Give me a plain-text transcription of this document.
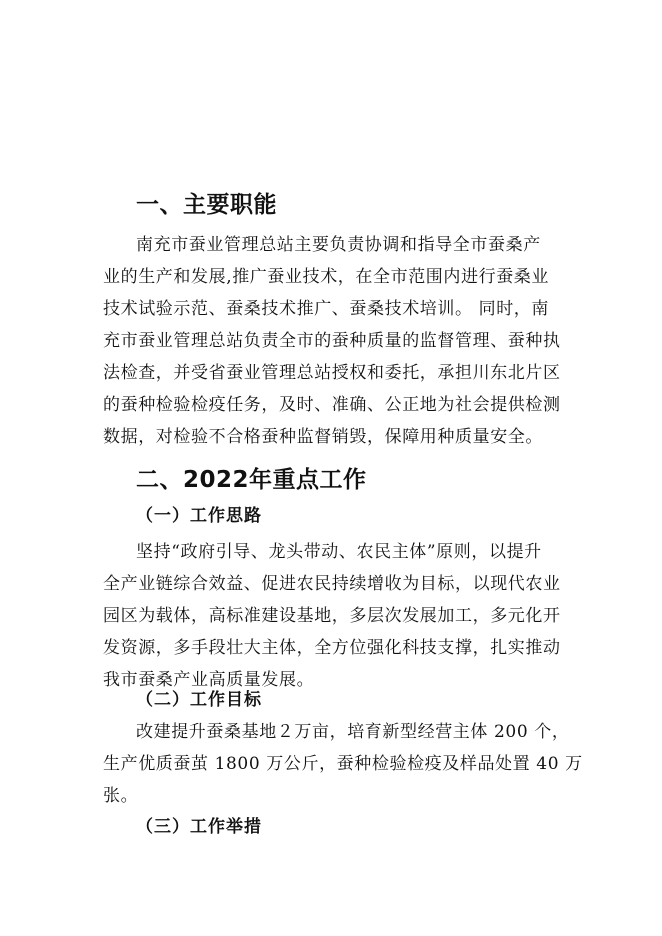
一、主要职能
南充市蚕业管理总站主要负责协调和指导全市蚕桑产
业的生产和发展,推广蚕业技术，在全市范围内进行蚕桑业
技术试验示范、蚕桑技术推广、蚕桑技术培训。 同时，南
充市蚕业管理总站负责全市的蚕种质量的监督管理、蚕种执
法检查，并受省蚕业管理总站授权和委托，承担川东北片区
的蚕种检验检疫任务，及时、准确、公正地为社会提供检测
数据，对检验不合格蚕种监督销毁，保障用种质量安全。
二、2022年重点工作
（一）工作思路
坚持“政府引导、龙头带动、农民主体”原则，以提升
全产业链综合效益、促进农民持续增收为目标，以现代农业
园区为载体，高标准建设基地，多层次发展加工，多元化开
发资源，多手段壮大主体，全方位强化科技支撑，扎实推动
我市蚕桑产业高质量发展。
（二）工作目标
改建提升蚕桑基地２万亩，培育新型经营主体 200 个，
生产优质蚕茧 1800 万公斤，蚕种检验检疫及样品处置 40 万
张。
（三）工作举措
